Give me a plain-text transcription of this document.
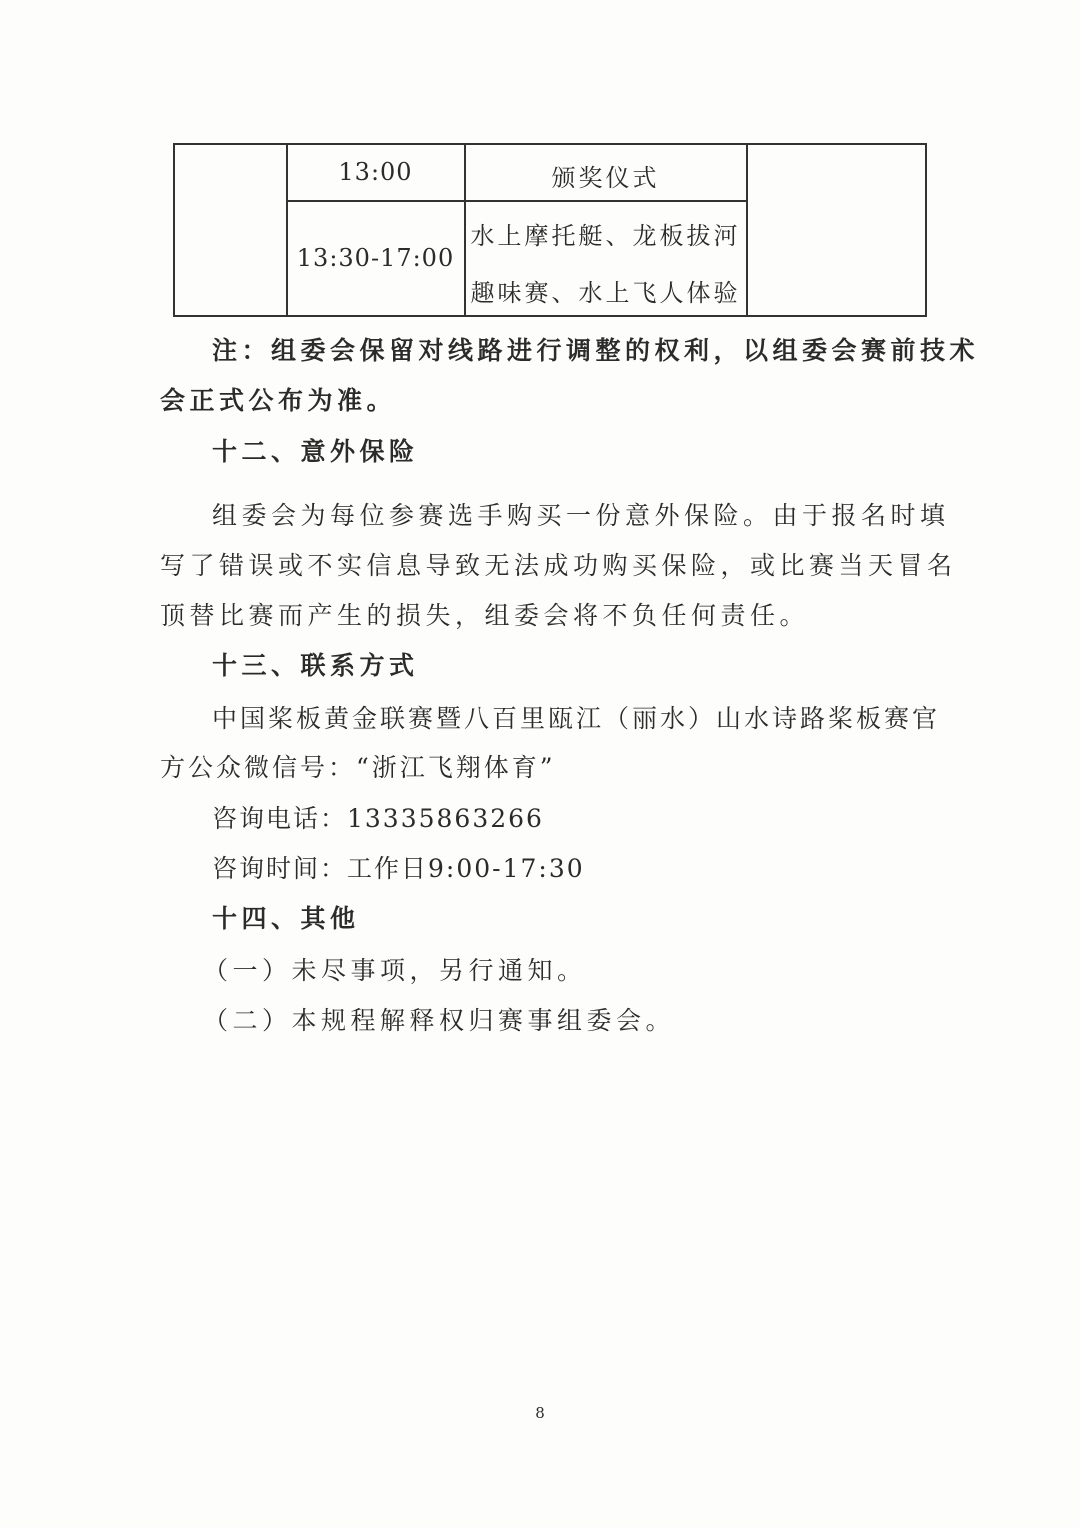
13:00	颁奖仪式
13:30-17:00
水上摩托艇、龙板拔河
趣味赛、水上飞人体验
注：组委会保留对线路进行调整的权利，以组委会赛前技术
会正式公布为准。
十二、意外保险
组委会为每位参赛选手购买一份意外保险。由于报名时填
写了错误或不实信息导致无法成功购买保险，或比赛当天冒名
顶替比赛而产生的损失，组委会将不负任何责任。
十三、联系方式
中国桨板黄金联赛暨八百里瓯江（丽水）山水诗路桨板赛官
方公众微信号：“浙江飞翔体育”
咨询电话：13335863266
咨询时间：工作日9:00-17:30
十四、其他
（一）未尽事项，另行通知。
（二）本规程解释权归赛事组委会。
8
